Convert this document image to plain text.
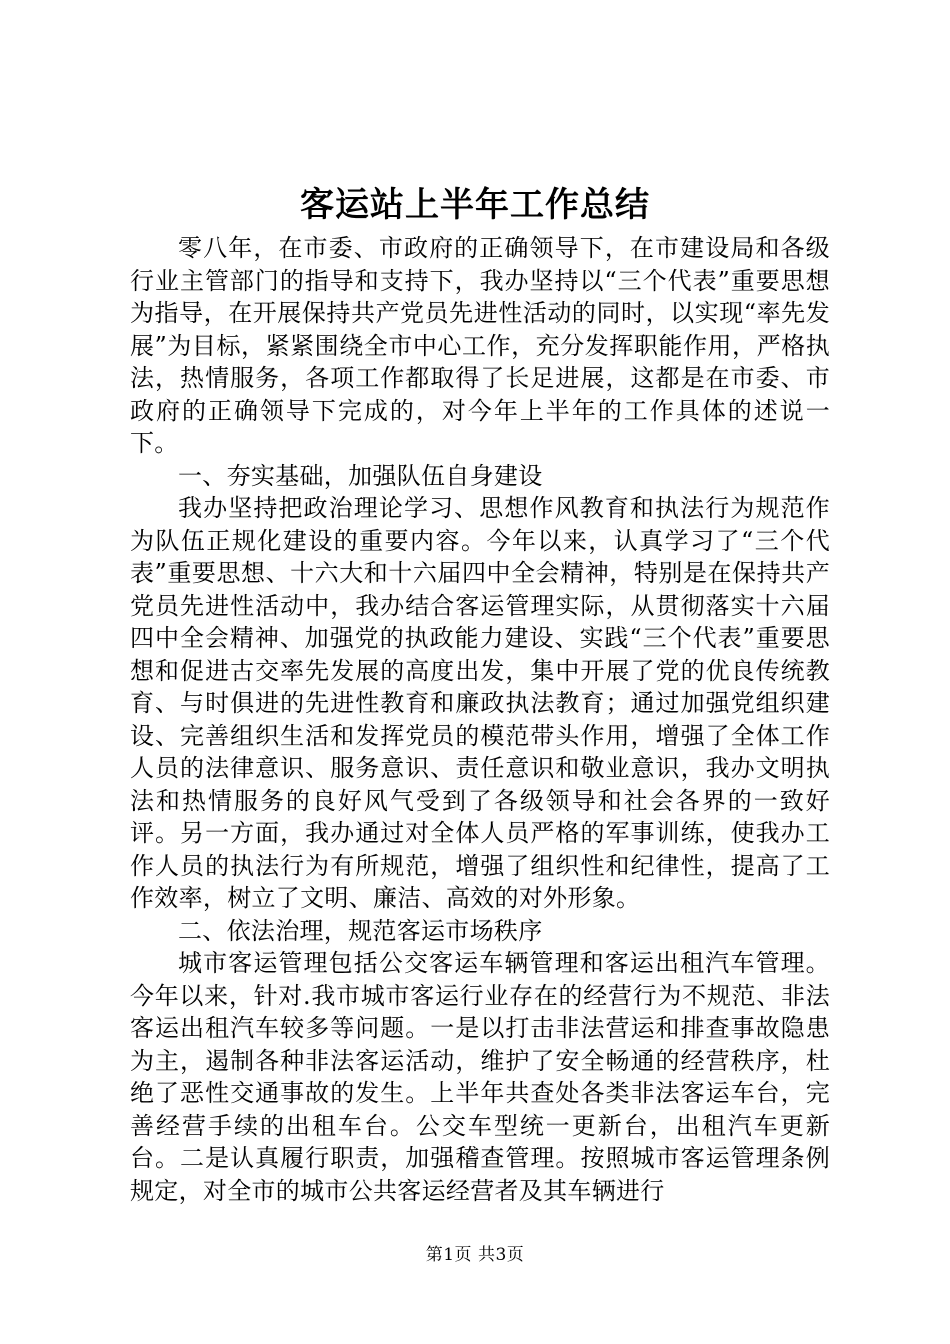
客运站上半年工作总结

零八年，在市委、市政府的正确领导下，在市建设局和各级行业主管部门的指导和支持下，我办坚持以“三个代表”重要思想为指导，在开展保持共产党员先进性活动的同时，以实现“率先发展”为目标，紧紧围绕全市中心工作，充分发挥职能作用，严格执法，热情服务，各项工作都取得了长足进展，这都是在市委、市政府的正确领导下完成的，对今年上半年的工作具体的述说一下。

一、夯实基础，加强队伍自身建设

我办坚持把政治理论学习、思想作风教育和执法行为规范作为队伍正规化建设的重要内容。今年以来，认真学习了“三个代表”重要思想、十六大和十六届四中全会精神，特别是在保持共产党员先进性活动中，我办结合客运管理实际，从贯彻落实十六届四中全会精神、加强党的执政能力建设、实践“三个代表”重要思想和促进古交率先发展的高度出发，集中开展了党的优良传统教育、与时俱进的先进性教育和廉政执法教育；通过加强党组织建设、完善组织生活和发挥党员的模范带头作用，增强了全体工作人员的法律意识、服务意识、责任意识和敬业意识，我办文明执法和热情服务的良好风气受到了各级领导和社会各界的一致好评。另一方面，我办通过对全体人员严格的军事训练，使我办工作人员的执法行为有所规范，增强了组织性和纪律性，提高了工作效率，树立了文明、廉洁、高效的对外形象。

二、依法治理，规范客运市场秩序

城市客运管理包括公交客运车辆管理和客运出租汽车管理。今年以来，针对.我市城市客运行业存在的经营行为不规范、非法客运出租汽车较多等问题。一是以打击非法营运和排查事故隐患为主，遏制各种非法客运活动，维护了安全畅通的经营秩序，杜绝了恶性交通事故的发生。上半年共查处各类非法客运车台，完善经营手续的出租车台。公交车型统一更新台，出租汽车更新台。二是认真履行职责，加强稽查管理。按照城市客运管理条例规定，对全市的城市公共客运经营者及其车辆进行

第1页 共3页
